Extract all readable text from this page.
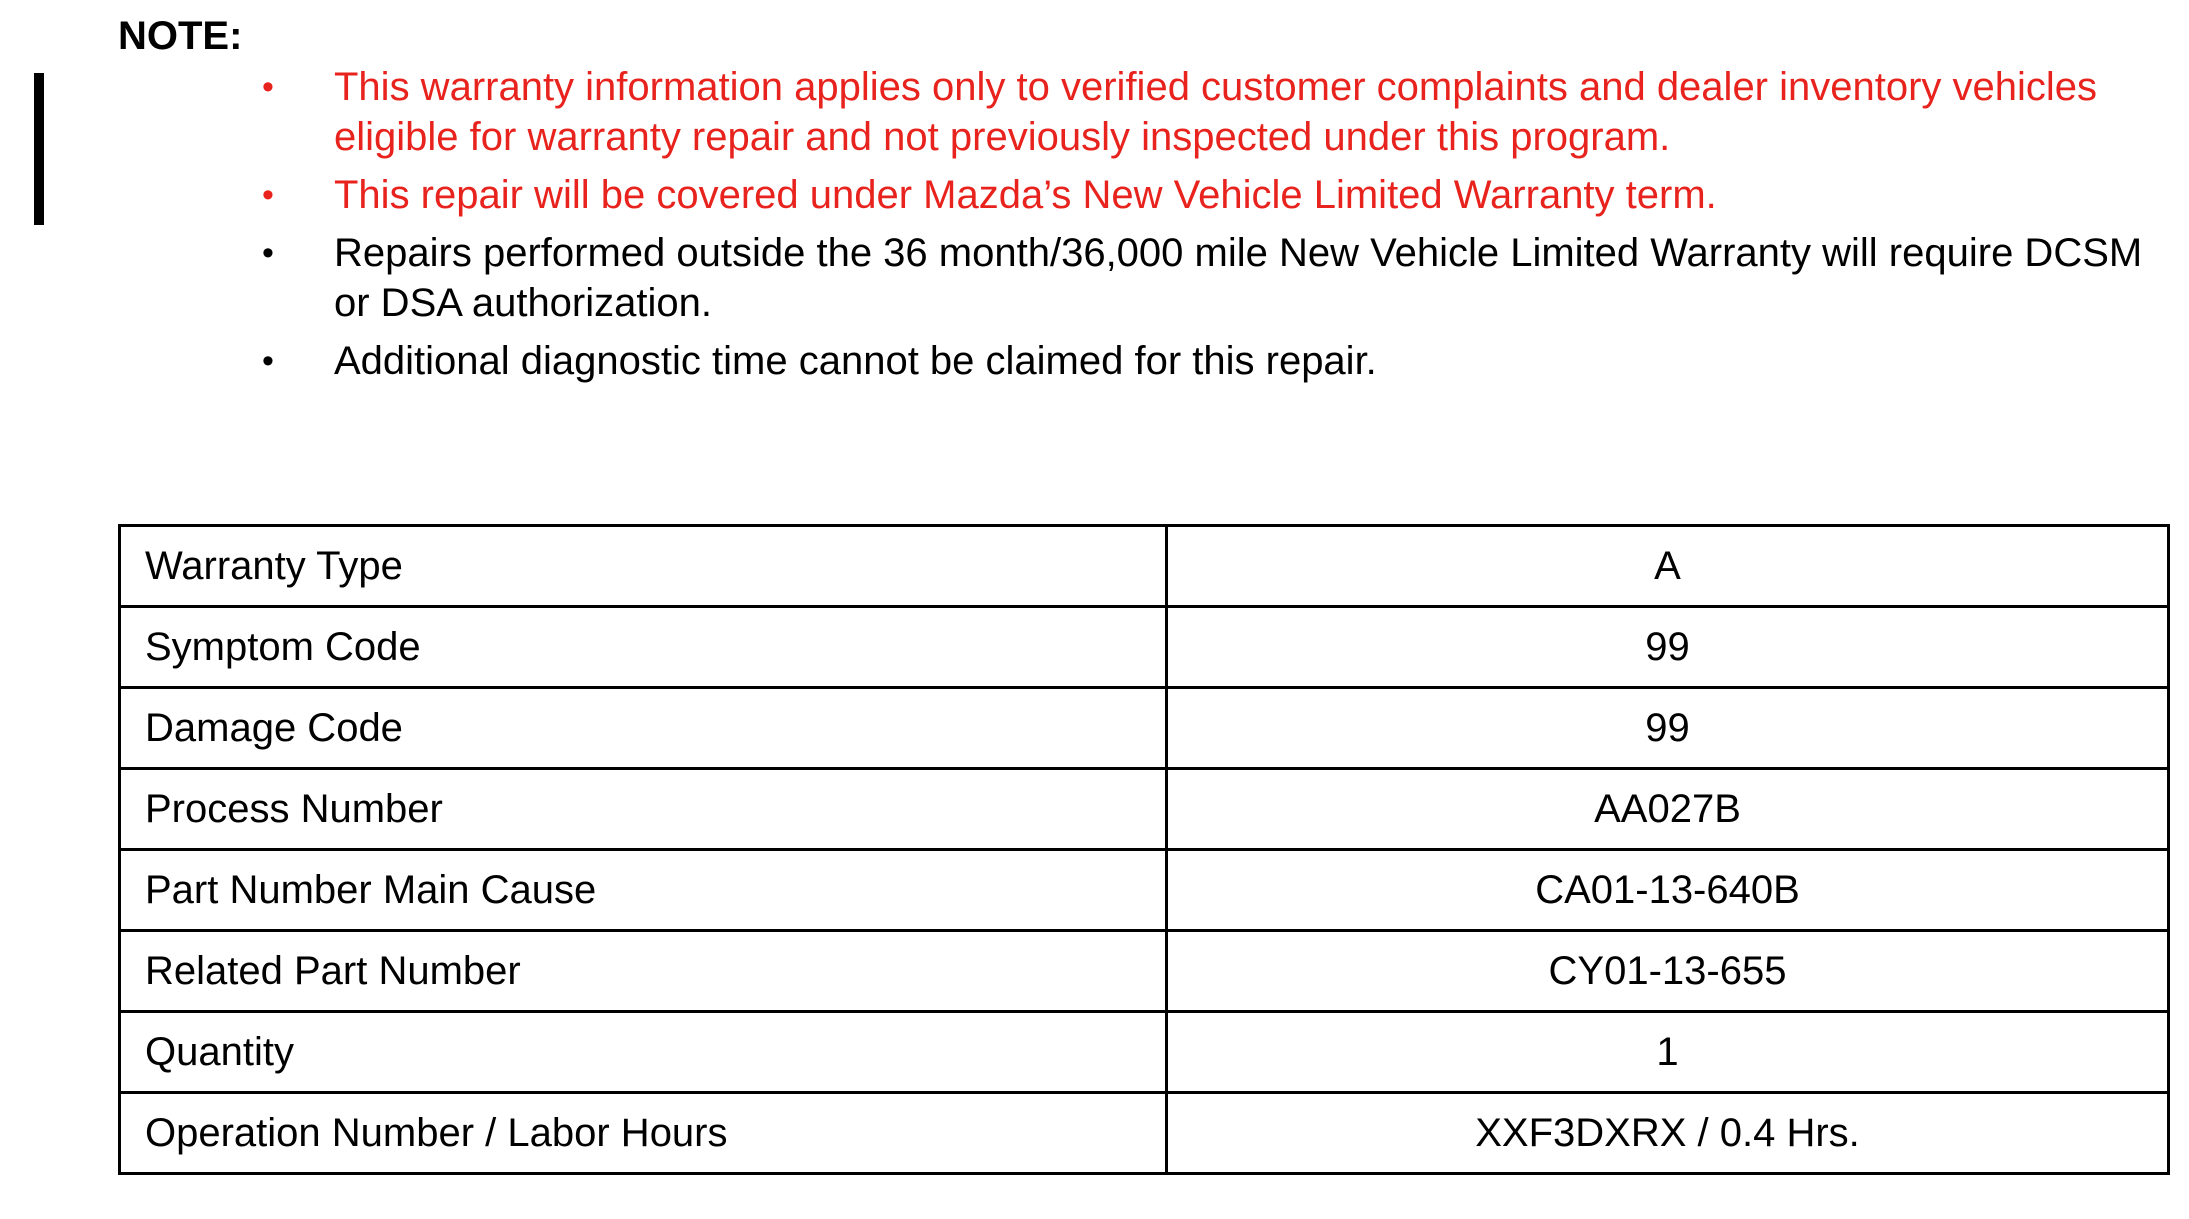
NOTE:
• This warranty information applies only to verified customer complaints and dealer inventory vehicles eligible for warranty repair and not previously inspected under this program.
• This repair will be covered under Mazda’s New Vehicle Limited Warranty term.
• Repairs performed outside the 36 month/36,000 mile New Vehicle Limited Warranty will require DCSM or DSA authorization.
• Additional diagnostic time cannot be claimed for this repair.
Warranty Type	A
Symptom Code	99
Damage Code	99
Process Number	AA027B
Part Number Main Cause	CA01-13-640B
Related Part Number	CY01-13-655
Quantity	1
Operation Number / Labor Hours	XXF3DXRX / 0.4 Hrs.
